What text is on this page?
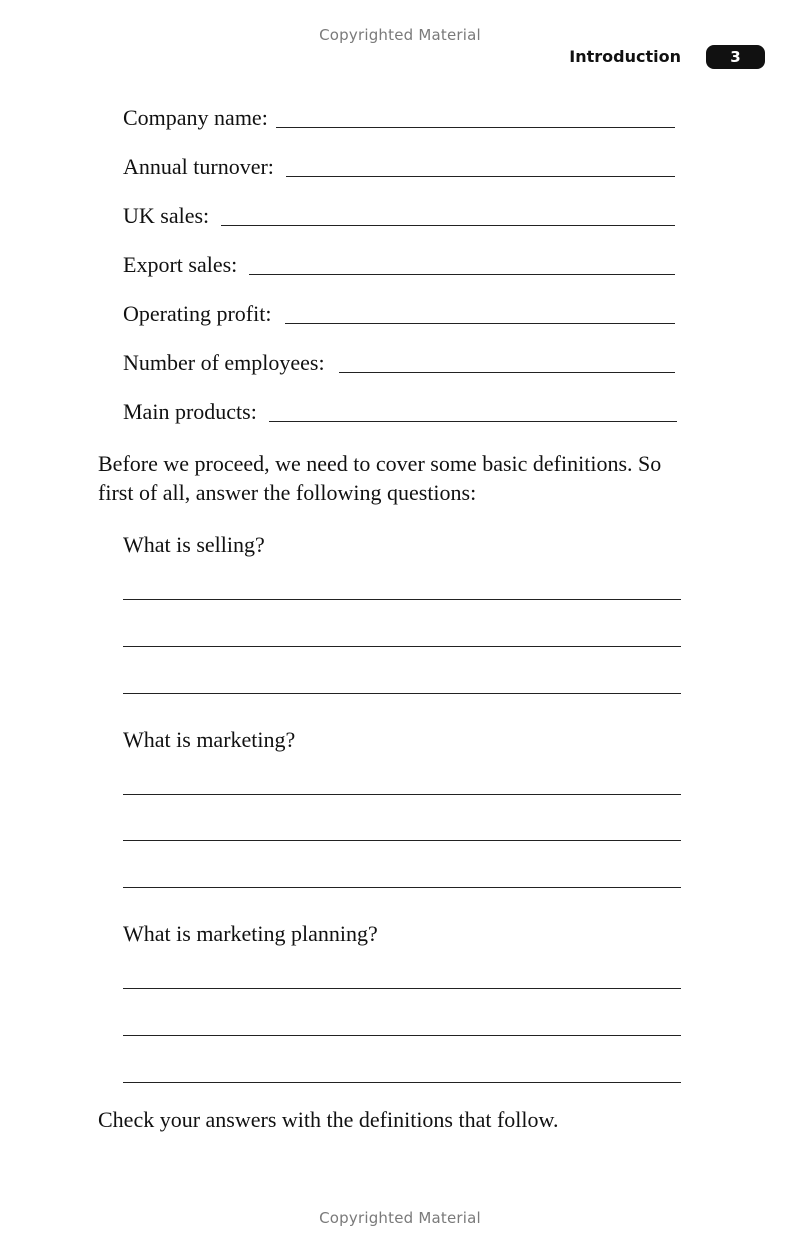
Copyrighted Material
Introduction	3
Company name:
Annual turnover:
UK sales:
Export sales:
Operating profit:
Number of employees:
Main products:
Before we proceed, we need to cover some basic definitions. So first of all, answer the following questions:
What is selling?
What is marketing?
What is marketing planning?
Check your answers with the definitions that follow.
Copyrighted Material
